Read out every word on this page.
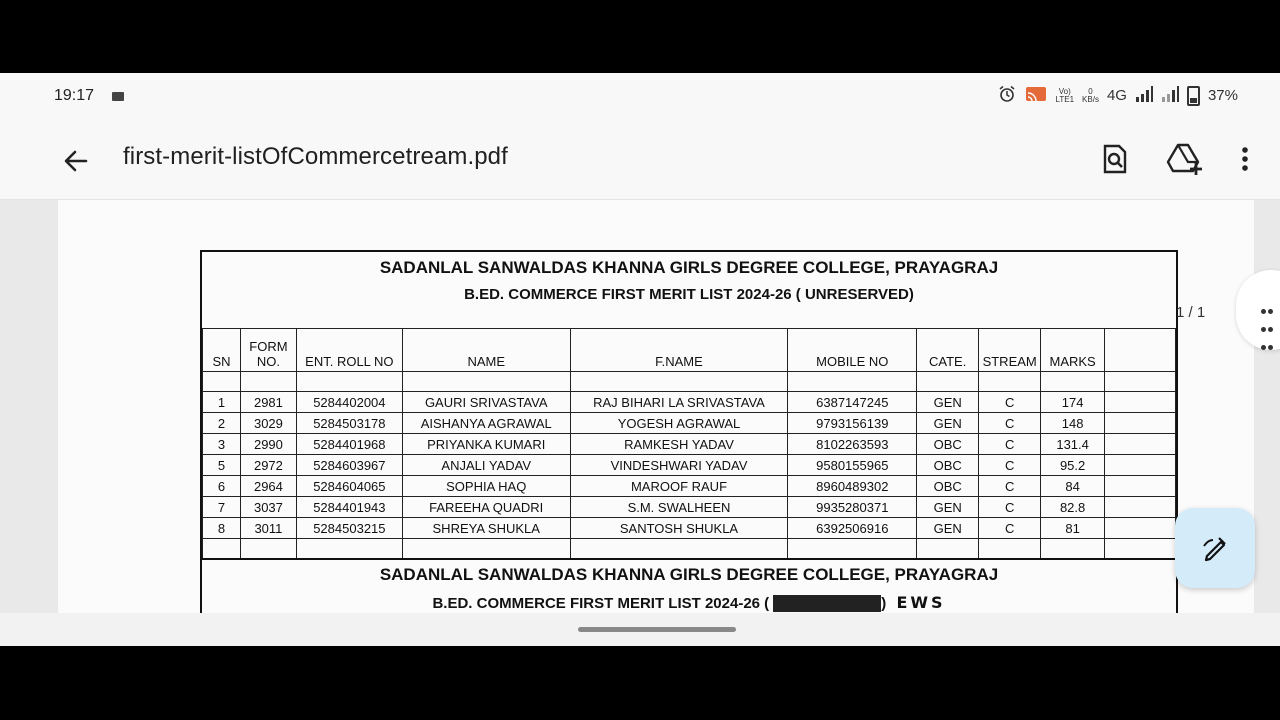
19:17	Vo)
LTE1
0
KB/s 4G	37%
first-merit-listOfCommercetream.pdf
SADANLAL SANWALDAS KHANNA GIRLS DEGREE COLLEGE, PRAYAGRAJ
B.ED. COMMERCE FIRST MERIT LIST 2024-26 ( UNRESERVED)
SN	FORM NO.	ENT. ROLL NO	NAME	F.NAME	MOBILE NO	CATE.	STREAM	MARKS	

1	2981	5284402004	GAURI SRIVASTAVA	RAJ BIHARI LA SRIVASTAVA	6387147245	GEN	C	174	
2	3029	5284503178	AISHANYA AGRAWAL	YOGESH AGRAWAL	9793156139	GEN	C	148	
3	2990	5284401968	PRIYANKA KUMARI	RAMKESH YADAV	8102263593	OBC	C	131.4	
5	2972	5284603967	ANJALI YADAV	VINDESHWARI YADAV	9580155965	OBC	C	95.2	
6	2964	5284604065	SOPHIA HAQ	MAROOF RAUF	8960489302	OBC	C	84	
7	3037	5284401943	FAREEHA QUADRI	S.M. SWALHEEN	9935280371	GEN	C	82.8	
8	3011	5284503215	SHREYA SHUKLA	SANTOSH SHUKLA	6392506916	GEN	C	81	

SADANLAL SANWALDAS KHANNA GIRLS DEGREE COLLEGE, PRAYAGRAJ
B.ED. COMMERCE FIRST MERIT LIST 2024-26 ( UNRESERVED ) EWS
1 / 1
